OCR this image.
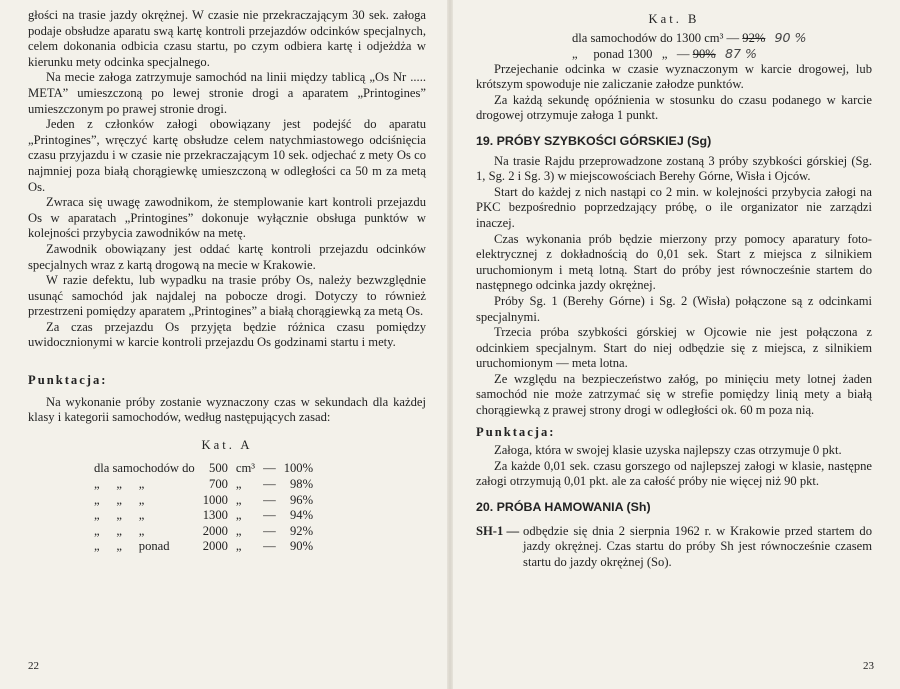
głości na trasie jazdy okrężnej. W czasie nie przekraczającym 30 sek. załoga podaje obsłudze aparatu swą kartę kontroli przejazdów odcinków specjalnych, celem dokonania odbicia czasu startu, po czym odbiera kartę i odjeżdża w kierunku mety odcinka specjalnego.

Na mecie załoga zatrzymuje samochód na linii między tablicą „Os Nr ..... META” umieszczoną po lewej stronie drogi a aparatem „Printogines” umieszczonym po prawej stronie drogi.

Jeden z członków załogi obowiązany jest podejść do aparatu „Printogines”, wręczyć kartę obsłudze celem natychmiastowego odciśnięcia czasu przyjazdu i w czasie nie przekraczającym 10 sek. odjechać z mety Os co najmniej poza białą chorągiewkę umieszczoną w odległości ca 50 m za metą Os.

Zwraca się uwagę zawodnikom, że stemplowanie kart kontroli przejazdu Os w aparatach „Printogines” dokonuje wyłącznie obsługa punktów w kolejności przybycia zawodników na metę.

Zawodnik obowiązany jest oddać kartę kontroli przejazdu odcinków specjalnych wraz z kartą drogową na mecie w Krakowie.

W razie defektu, lub wypadku na trasie próby Os, należy bezwzględnie usunąć samochód jak najdalej na pobocze drogi. Dotyczy to również przestrzeni pomiędzy aparatem „Printogines” a białą chorągiewką za metą Os.

Za czas przejazdu Os przyjęta będzie różnica czasu pomiędzy uwidocznionymi w karcie kontroli przejazdu Os godzinami startu i mety.

Punktacja:

Na wykonanie próby zostanie wyznaczony czas w sekundach dla każdej klasy i kategorii samochodów, według następujących zasad:

Kat. A
dla samochodów do			500	cm³	—	100%
„	„	„	700	„	—	98%
„	„	„	1000	„	—	96%
„	„	„	1300	„	—	94%
„	„	„	2000	„	—	92%
„	„	ponad	2000	„	—	90%
22
Kat. B
dla samochodów do 1300 cm³ — 92% 90 %
„     ponad 1300   „   — 90% 87 %

Przejechanie odcinka w czasie wyznaczonym w karcie drogowej, lub krótszym spowoduje nie zaliczanie załodze punktów.

Za każdą sekundę opóźnienia w stosunku do czasu podanego w karcie drogowej otrzymuje załoga 1 punkt.

19. PRÓBY SZYBKOŚCI GÓRSKIEJ (Sg)

Na trasie Rajdu przeprowadzone zostaną 3 próby szybkości górskiej (Sg. 1, Sg. 2 i Sg. 3) w miejscowościach Berehy Górne, Wisła i Ojców.

Start do każdej z nich nastąpi co 2 min. w kolejności przybycia załogi na PKC bezpośrednio poprzedzający próbę, o ile organizator nie zarządzi inaczej.

Czas wykonania prób będzie mierzony przy pomocy aparatury foto-elektrycznej z dokładnością do 0,01 sek. Start z miejsca z silnikiem uruchomionym i metą lotną. Start do próby jest równocześnie startem do następnego odcinka jazdy okrężnej.

Próby Sg. 1 (Berehy Górne) i Sg. 2 (Wisła) połączone są z odcinkami specjalnymi.

Trzecia próba szybkości górskiej w Ojcowie nie jest połączona z odcinkiem specjalnym. Start do niej odbędzie się z miejsca, z silnikiem uruchomionym — meta lotna.

Ze względu na bezpieczeństwo załóg, po minięciu mety lotnej żaden samochód nie może zatrzymać się w strefie pomiędzy linią mety a białą chorągiewką z prawej strony drogi w odległości ok. 60 m poza nią.

Punktacja:

Załoga, która w swojej klasie uzyska najlepszy czas otrzymuje 0 pkt.

Za każde 0,01 sek. czasu gorszego od najlepszej załogi w klasie, następne załogi otrzymują 0,01 pkt. ale za całość próby nie więcej niż 90 pkt.

20. PRÓBA HAMOWANIA (Sh)
SH-1 — odbędzie się dnia 2 sierpnia 1962 r. w Krakowie przed startem do jazdy okrężnej. Czas startu do próby Sh jest równocześnie czasem startu do jazdy okrężnej (So).
23
